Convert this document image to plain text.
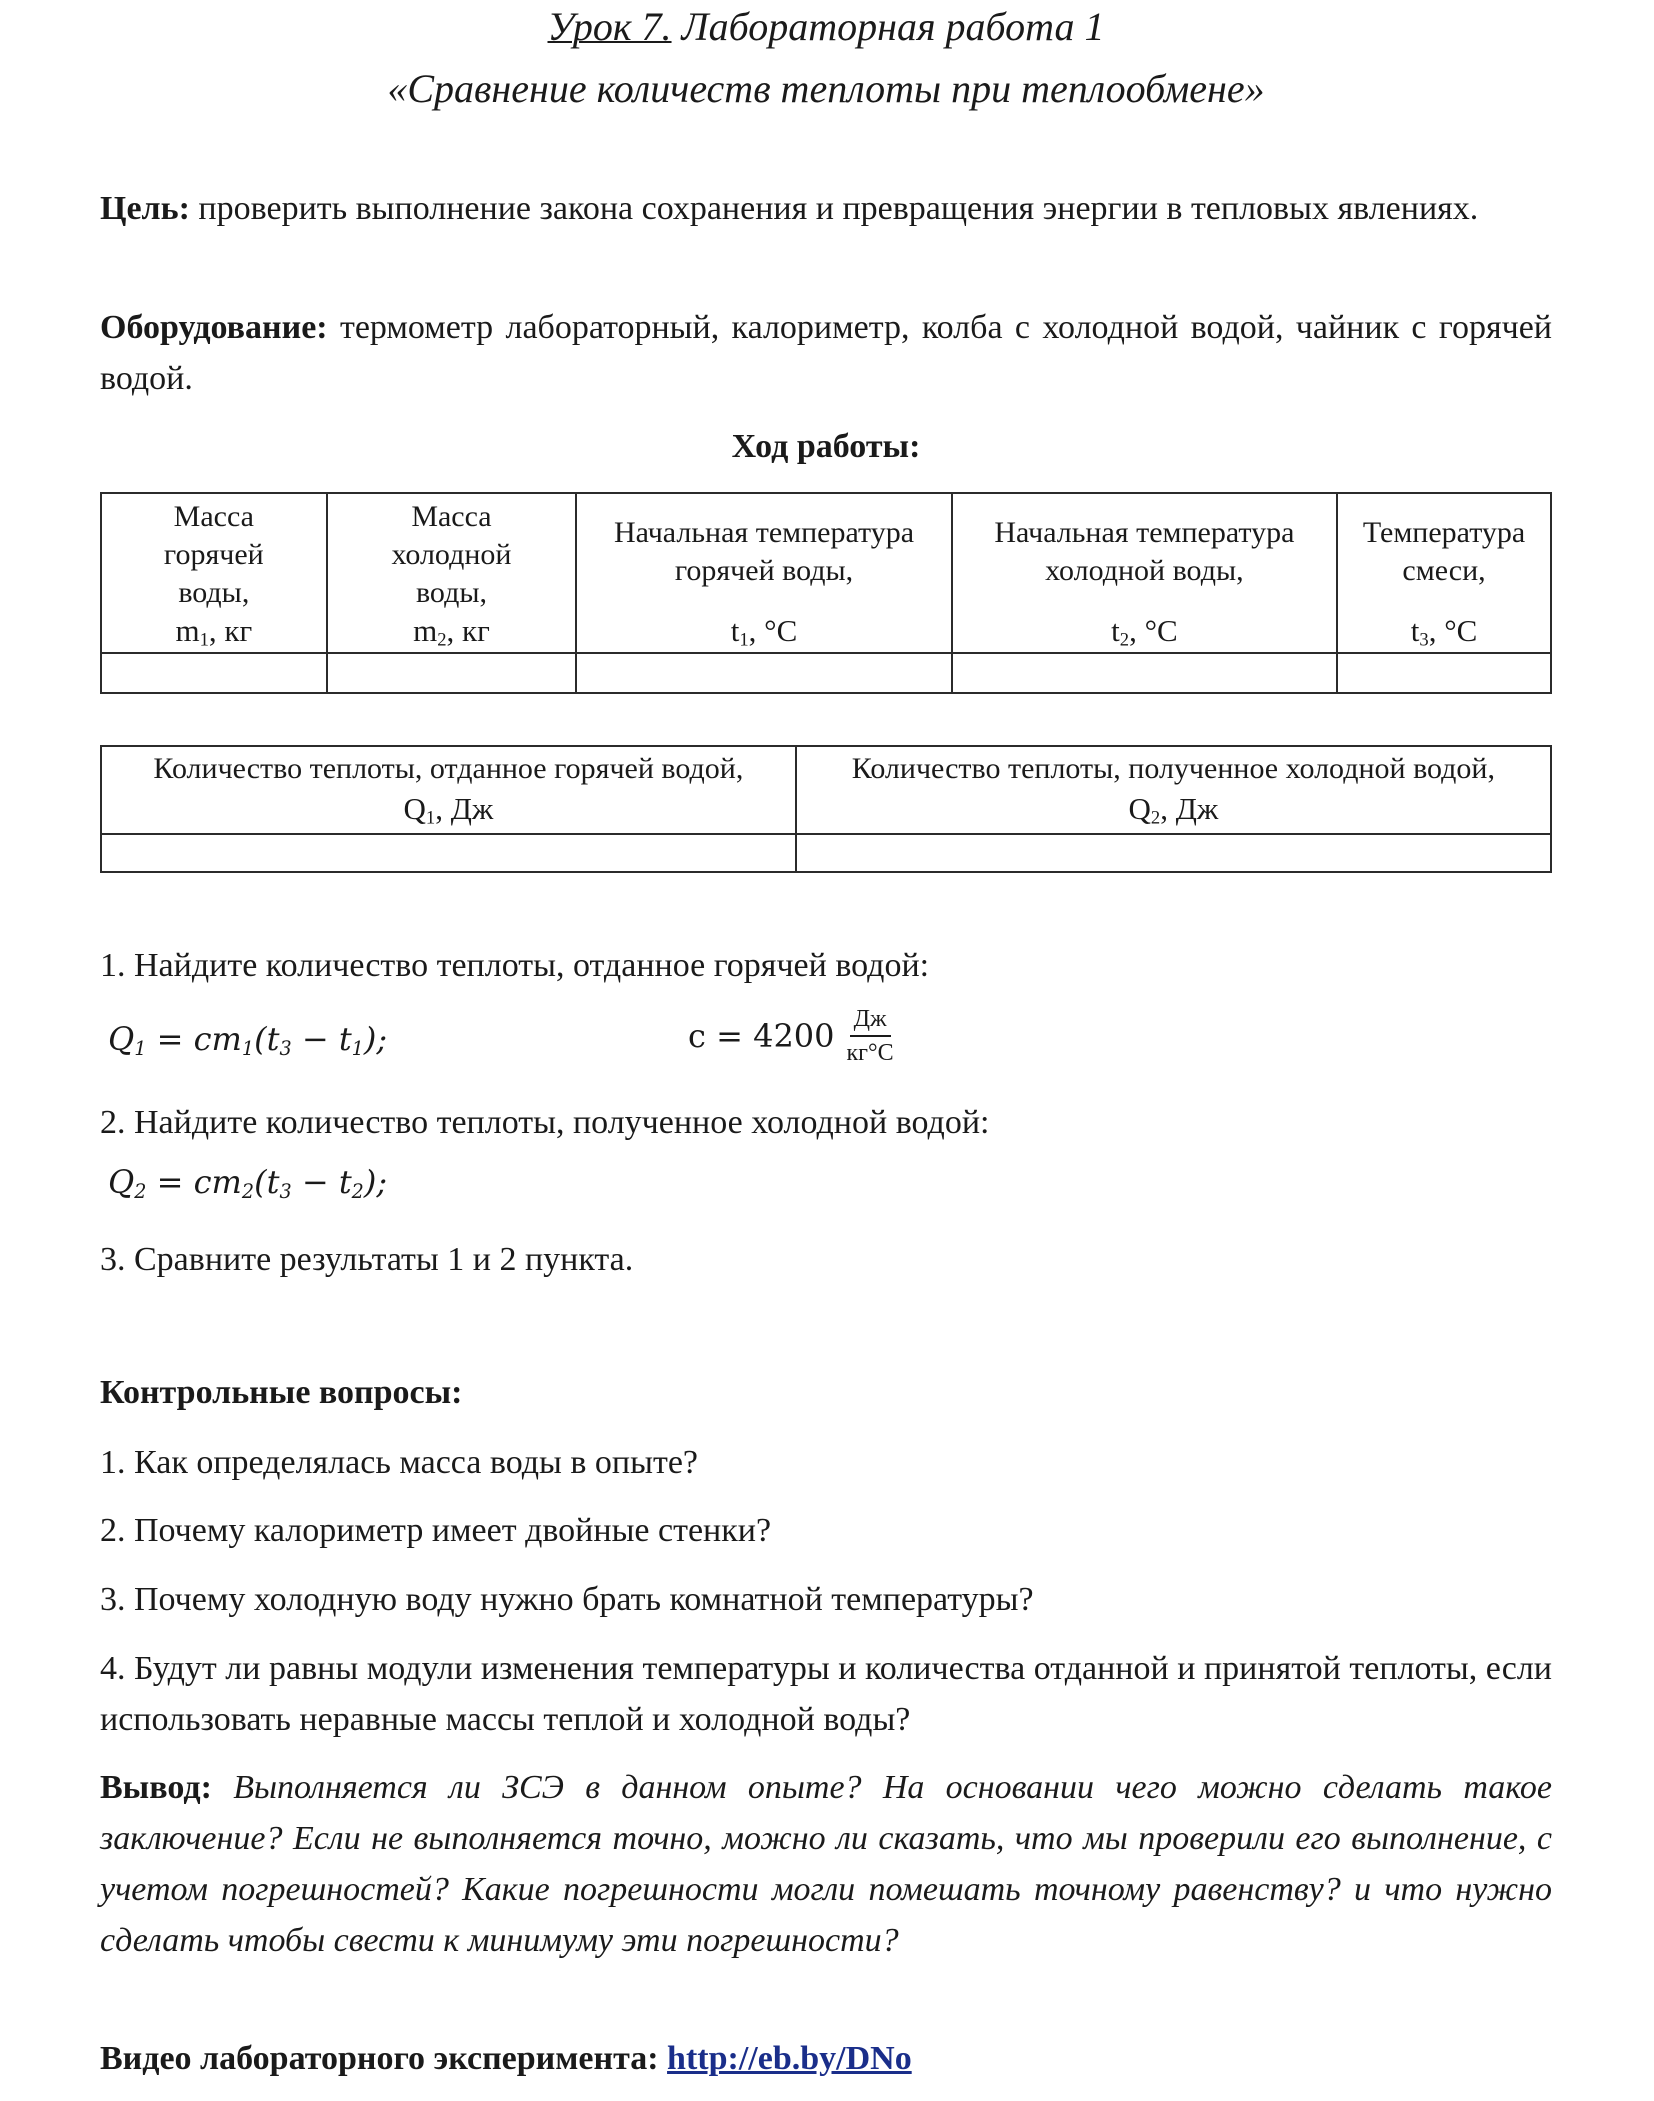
Урок 7. Лабораторная работа 1
«Сравнение количеств теплоты при теплообмене»

Цель: проверить выполнение закона сохранения и превращения энергии в тепловых явлениях.

Оборудование: термометр лабораторный, калориметр, колба с холодной водой, чайник с горячей водой.

Ход работы:
Масса
горячей
воды,
$m_1$, кг	Масса
холодной
воды,
$m_2$, кг	Начальная температура
горячей воды,
$t_1$, °С	Начальная температура
холодной воды,
$t_2$, °С	Температура
смеси,
$t_3$, °С

Количество теплоты, отданное горячей водой,
$Q_1$, Дж	Количество теплоты, полученное холодной водой,
$Q_2$, Дж

1. Найдите количество теплоты, отданное горячей водой:

$Q_1 = cm_1(t_3 - t_1)$;	$c = 4200 \frac{Дж}{кг^\circ C}$

2. Найдите количество теплоты, полученное холодной водой:

$Q_2 = cm_2(t_3 - t_2)$;

3. Сравните результаты 1 и 2 пункта.

Контрольные вопросы:

1. Как определялась масса воды в опыте?

2. Почему калориметр имеет двойные стенки?

3. Почему холодную воду нужно брать комнатной температуры?

4. Будут ли равны модули изменения температуры и количества отданной и принятой теплоты, если использовать неравные массы теплой и холодной воды?

Вывод: Выполняется ли ЗСЭ в данном опыте? На основании чего можно сделать такое заключение? Если не выполняется точно, можно ли сказать, что мы проверили его выполнение, с учетом погрешностей? Какие погрешности могли помешать точному равенству? и что нужно сделать чтобы свести к минимуму эти погрешности?

Видео лабораторного эксперимента: http://eb.by/DNo
